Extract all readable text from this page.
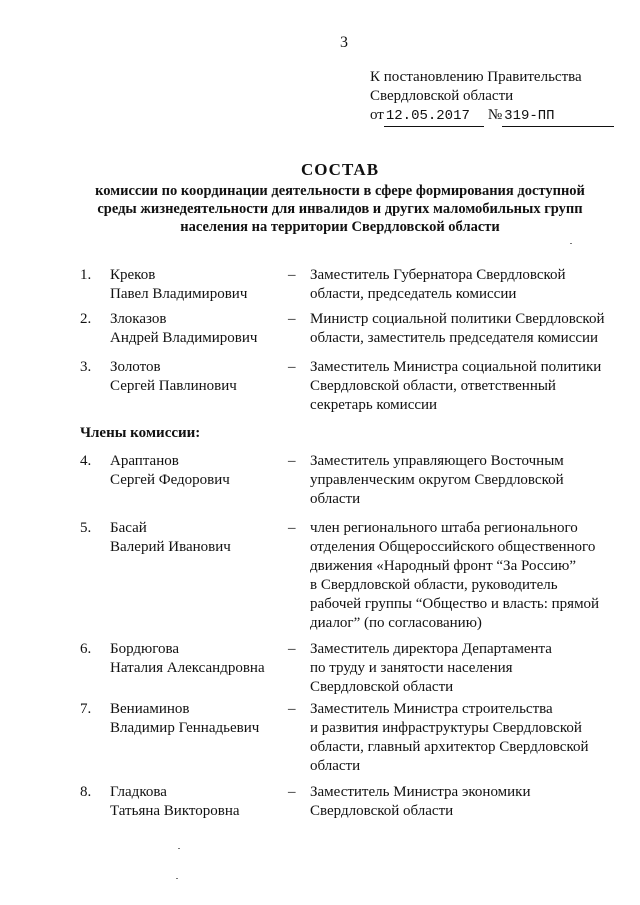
3
К постановлению Правительства
Свердловской области
от 12.05.2017	№ 319-ПП
СОСТАВ
комиссии по координации деятельности в сфере формирования доступной
среды жизнедеятельности для инвалидов и других маломобильных групп
населения на территории Свердловской области
1.	Креков
Павел Владимирович
– Заместитель Губернатора Свердловской
области, председатель комиссии
2.	Злоказов
Андрей Владимирович
– Министр социальной политики Свердловской
области, заместитель председателя комиссии
3.	Золотов
Сергей Павлинович
– Заместитель Министра социальной политики
Свердловской области, ответственный
секретарь комиссии
Члены комиссии:
4.	Араптанов
Сергей Федорович
– Заместитель управляющего Восточным
управленческим округом Свердловской
области
5.	Басай
Валерий Иванович
– член регионального штаба регионального
отделения Общероссийского общественного
движения «Народный фронт “За Россию”
в Свердловской области, руководитель
рабочей группы “Общество и власть: прямой
диалог” (по согласованию)
6.	Бордюгова
Наталия Александровна
– Заместитель директора Департамента
по труду и занятости населения
Свердловской области
7.	Вениаминов
Владимир Геннадьевич
– Заместитель Министра строительства
и развития инфраструктуры Свердловской
области, главный архитектор Свердловской
области
8.	Гладкова
Татьяна Викторовна
– Заместитель Министра экономики
Свердловской области
